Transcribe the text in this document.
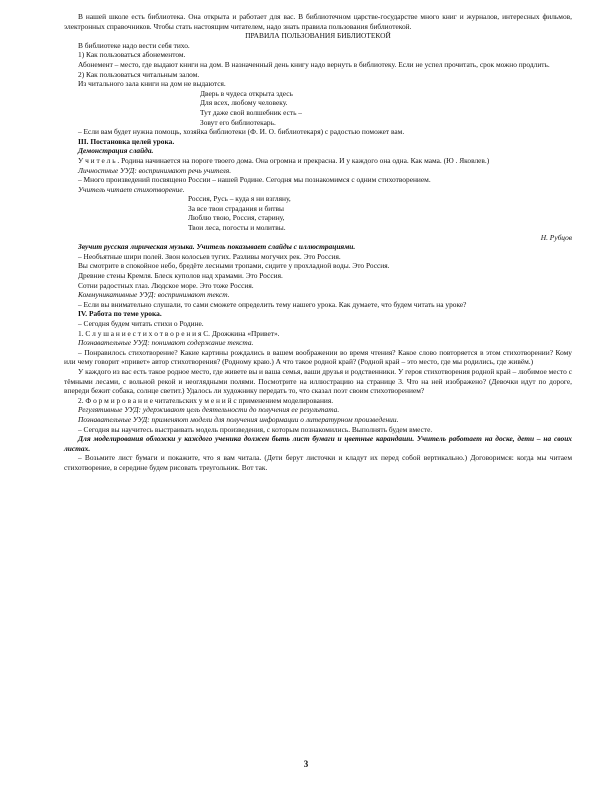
В нашей школе есть библиотека. Она открыта и работает для вас. В библиотечном царстве-государстве много книг и журналов, интересных фильмов, электронных справочников. Чтобы стать настоящим читателем, надо знать правила пользования библиотекой.

ПРАВИЛА ПОЛЬЗОВАНИЯ БИБЛИОТЕКОЙ

В библиотеке надо вести себя тихо.

1) Как пользоваться абонементом.

Абонемент – место, где выдают книги на дом. В назначенный день книгу надо вернуть в библиотеку. Если не успел прочитать, срок можно продлить.

2) Как пользоваться читальным залом.

Из читального зала книги на дом не выдаются.

Дверь в чудеса открыта здесь

Для всех, любому человеку.

Тут даже свой волшебник есть –

Зовут его библиотекарь.

– Если вам будет нужна помощь, хозяйка библиотеки (Ф. И. О. библиотекаря) с радостью поможет вам.

III. Постановка целей урока.

Демонстрация слайда.

У ч и т е л ь . Родина начинается на пороге твоего дома. Она огромна и прекрасна. И у каждого она одна. Как мама. (Ю . Яковлев.)

Личностные УУД: воспринимают речь учителя.

– Много произведений посвящено России – нашей Родине. Сегодня мы познакомимся с одним стихотворением.

Учитель читает стихотворение.

Россия, Русь – куда я ни взгляну,

За все твои страдания и битвы

Люблю твою, Россия, старину,

Твои леса, погосты и молитвы.

Н. Рубцов

Звучит русская лирическая музыка. Учитель показывает слайды с иллюстрациями.

– Необъятные шири полей. Звон колосьев тугих. Разливы могучих рек. Это Россия.

Вы смотрите в спокойное небо, бредёте лесными тропами, сидите у прохладной воды. Это Россия.

Древние стены Кремля. Блеск куполов над храмами. Это Россия.

Сотни радостных глаз. Людское море. Это тоже Россия.

Коммуникативные УУД: воспринимают текст.

– Если вы внимательно слушали, то сами сможете определить тему нашего урока. Как думаете, что будем читать на уроке?

IV. Работа по теме урока.

– Сегодня будем читать стихи о Родине.

1. С л у ш а н и е с т и х о т в о р е н и я С. Дрожжина «Привет».

Познавательные УУД: понимают содержание текста.

– Понравилось стихотворение? Какие картины рождались в вашем воображении во время чтения? Какое слово повторяется в этом стихотворении? Кому или чему говорит «привет» автор стихотворения? (Родному краю.) А что такое родной край? (Родной край – это место, где мы родились, где живём.)

У каждого из вас есть такое родное место, где живете вы и ваша семья, ваши друзья и родственники. У героя стихотворения родной край – любимое место с тёмными лесами, с вольной рекой и неоглядными полями. Посмотрите на иллюстрацию на странице 3. Что на ней изображено? (Девочки идут по дороге, впереди бежит собака, солнце светит.) Удалось ли художнику передать то, что сказал поэт своим стихотворением?

2. Ф о р м и р о в а н и е читательских у м е н и й с применением моделирования.

Регулятивные УУД: удерживают цель деятельности до получения ее результата.

Познавательные УУД: применяют модели для получения информации о литературном произведении.

– Сегодня вы научитесь выстраивать модель произведения, с которым познакомились. Выполнять будем вместе.

Для моделирования обложки у каждого ученика должен быть лист бумаги и цветные карандаши. Учитель работает на доске, дети – на своих листах.

– Возьмите лист бумаги и покажите, что я вам читала. (Дети берут листочки и кладут их перед собой вертикально.) Договоримся: когда мы читаем стихотворение, в середине будем рисовать треугольник. Вот так.

3
